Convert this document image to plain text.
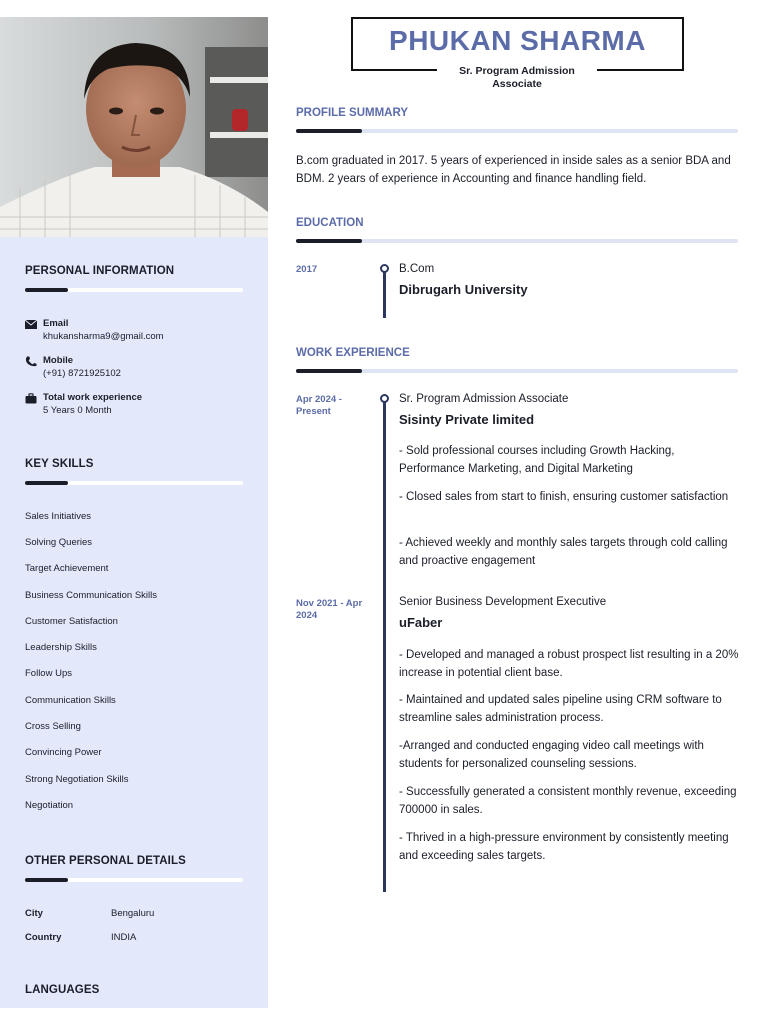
PERSONAL INFORMATION
Email
khukansharma9@gmail.com
Mobile
(+91) 8721925102
Total work experience
5 Years 0 Month
KEY SKILLS
Sales Initiatives
Solving Queries
Target Achievement
Business Communication Skills
Customer Satisfaction
Leadership Skills
Follow Ups
Communication Skills
Cross Selling
Convincing Power
Strong Negotiation Skills
Negotiation
OTHER PERSONAL DETAILS
City	Bengaluru
Country	INDIA
LANGUAGES
PHUKAN SHARMA
Sr. Program Admission Associate
PROFILE SUMMARY
B.com graduated in 2017. 5 years of experienced in inside sales as a senior BDA and BDM. 2 years of experience in Accounting and finance handling field.
EDUCATION
2017	B.Com
Dibrugarh University
WORK EXPERIENCE
Apr 2024 - Present
Sr. Program Admission Associate
Sisinty Private limited
- Sold professional courses including Growth Hacking, Performance Marketing, and Digital Marketing
- Closed sales from start to finish, ensuring customer satisfaction
- Achieved weekly and monthly sales targets through cold calling and proactive engagement
Nov 2021 - Apr 2024
Senior Business Development Executive
uFaber
- Developed and managed a robust prospect list resulting in a 20% increase in potential client base.
- Maintained and updated sales pipeline using CRM software to streamline sales administration process.
-Arranged and conducted engaging video call meetings with students for personalized counseling sessions.
- Successfully generated a consistent monthly revenue, exceeding 700000 in sales.
- Thrived in a high-pressure environment by consistently meeting and exceeding sales targets.
